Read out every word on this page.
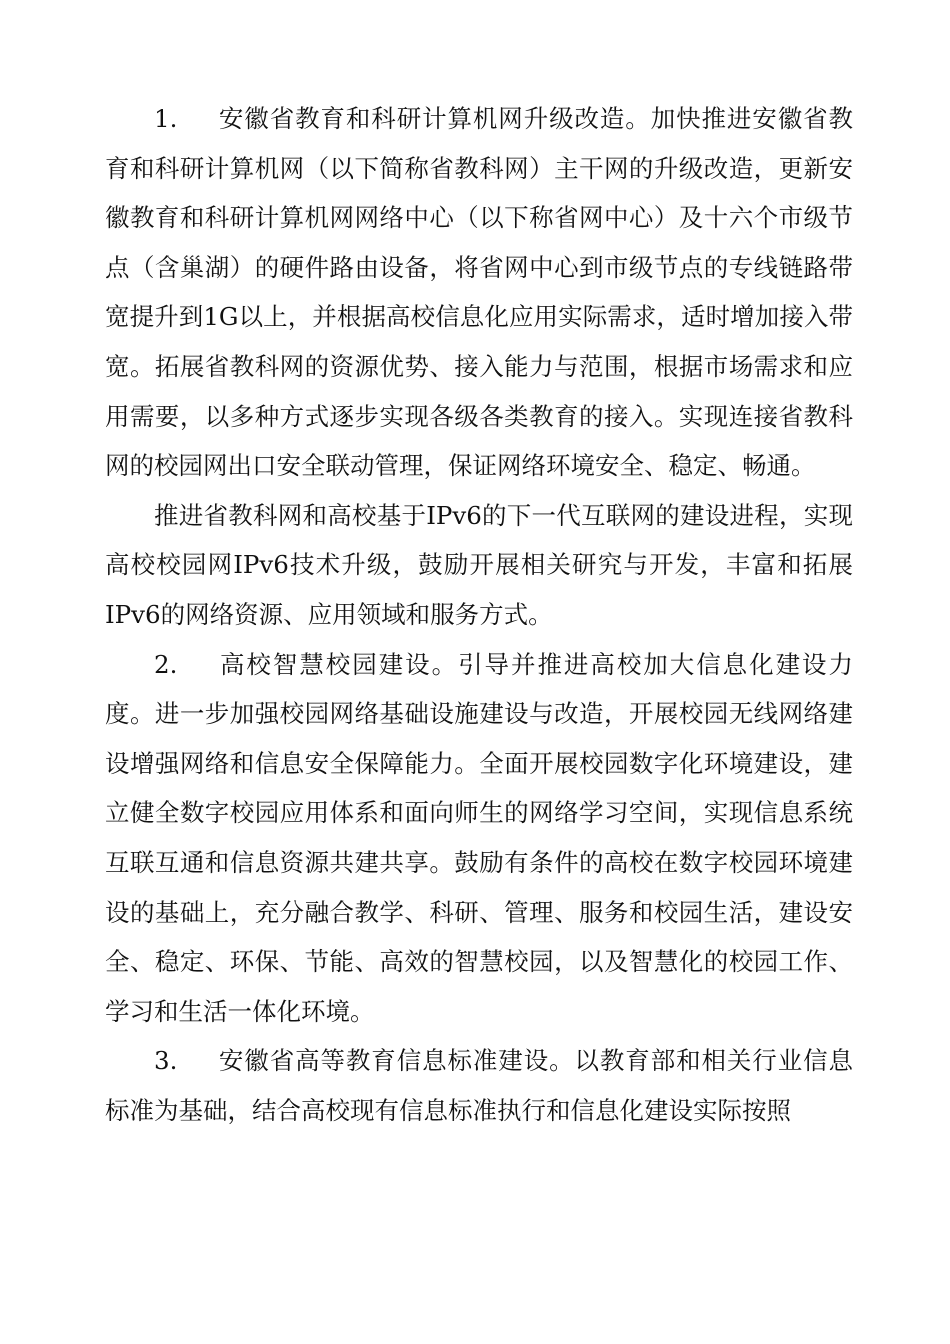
1. 安徽省教育和科研计算机网升级改造。加快推进安徽省教育和科研计算机网（以下简称省教科网）主干网的升级改造，更新安徽教育和科研计算机网网络中心（以下称省网中心）及十六个市级节点（含巢湖）的硬件路由设备，将省网中心到市级节点的专线链路带宽提升到1G以上，并根据高校信息化应用实际需求，适时增加接入带宽。拓展省教科网的资源优势、接入能力与范围，根据市场需求和应用需要，以多种方式逐步实现各级各类教育的接入。实现连接省教科网的校园网出口安全联动管理，保证网络环境安全、稳定、畅通。

推进省教科网和高校基于IPv6的下一代互联网的建设进程，实现高校校园网IPv6技术升级，鼓励开展相关研究与开发，丰富和拓展IPv6的网络资源、应用领域和服务方式。

2. 高校智慧校园建设。引导并推进高校加大信息化建设力度。进一步加强校园网络基础设施建设与改造，开展校园无线网络建设增强网络和信息安全保障能力。全面开展校园数字化环境建设，建立健全数字校园应用体系和面向师生的网络学习空间，实现信息系统互联互通和信息资源共建共享。鼓励有条件的高校在数字校园环境建设的基础上，充分融合教学、科研、管理、服务和校园生活，建设安全、稳定、环保、节能、高效的智慧校园，以及智慧化的校园工作、学习和生活一体化环境。

3. 安徽省高等教育信息标准建设。以教育部和相关行业信息标准为基础，结合高校现有信息标准执行和信息化建设实际按照
